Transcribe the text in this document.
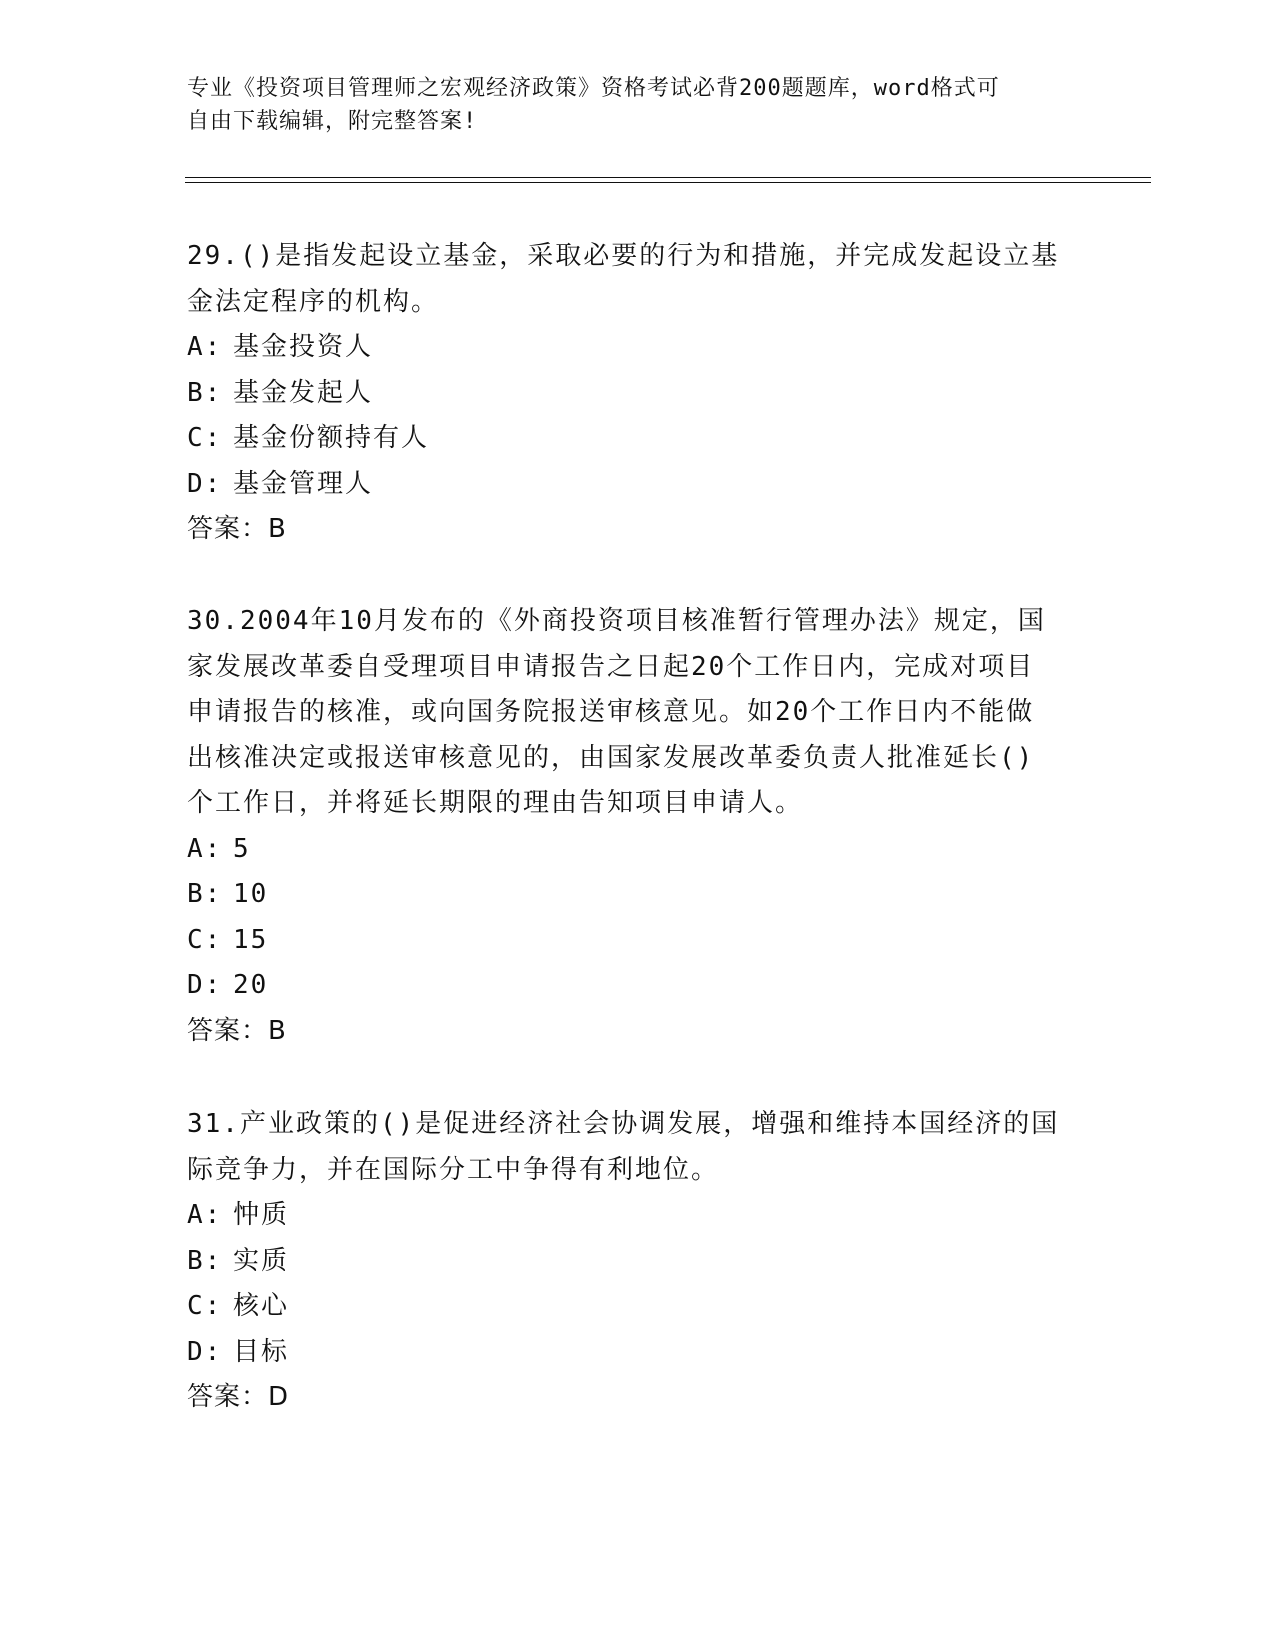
专业《投资项目管理师之宏观经济政策》资格考试必背200题题库，word格式可
自由下载编辑，附完整答案!
29.()是指发起设立基金，采取必要的行为和措施，并完成发起设立基
金法定程序的机构。
A: 基金投资人
B: 基金发起人
C: 基金份额持有人
D: 基金管理人
答案：B
30.2004年10月发布的《外商投资项目核准暂行管理办法》规定，国
家发展改革委自受理项目申请报告之日起20个工作日内，完成对项目
申请报告的核准，或向国务院报送审核意见。如20个工作日内不能做
出核准决定或报送审核意见的，由国家发展改革委负责人批准延长()
个工作日，并将延长期限的理由告知项目申请人。
A: 5
B: 10
C: 15
D: 20
答案：B
31.产业政策的()是促进经济社会协调发展，增强和维持本国经济的国
际竞争力，并在国际分工中争得有利地位。
A: 忡质
B: 实质
C: 核心
D: 目标
答案：D
